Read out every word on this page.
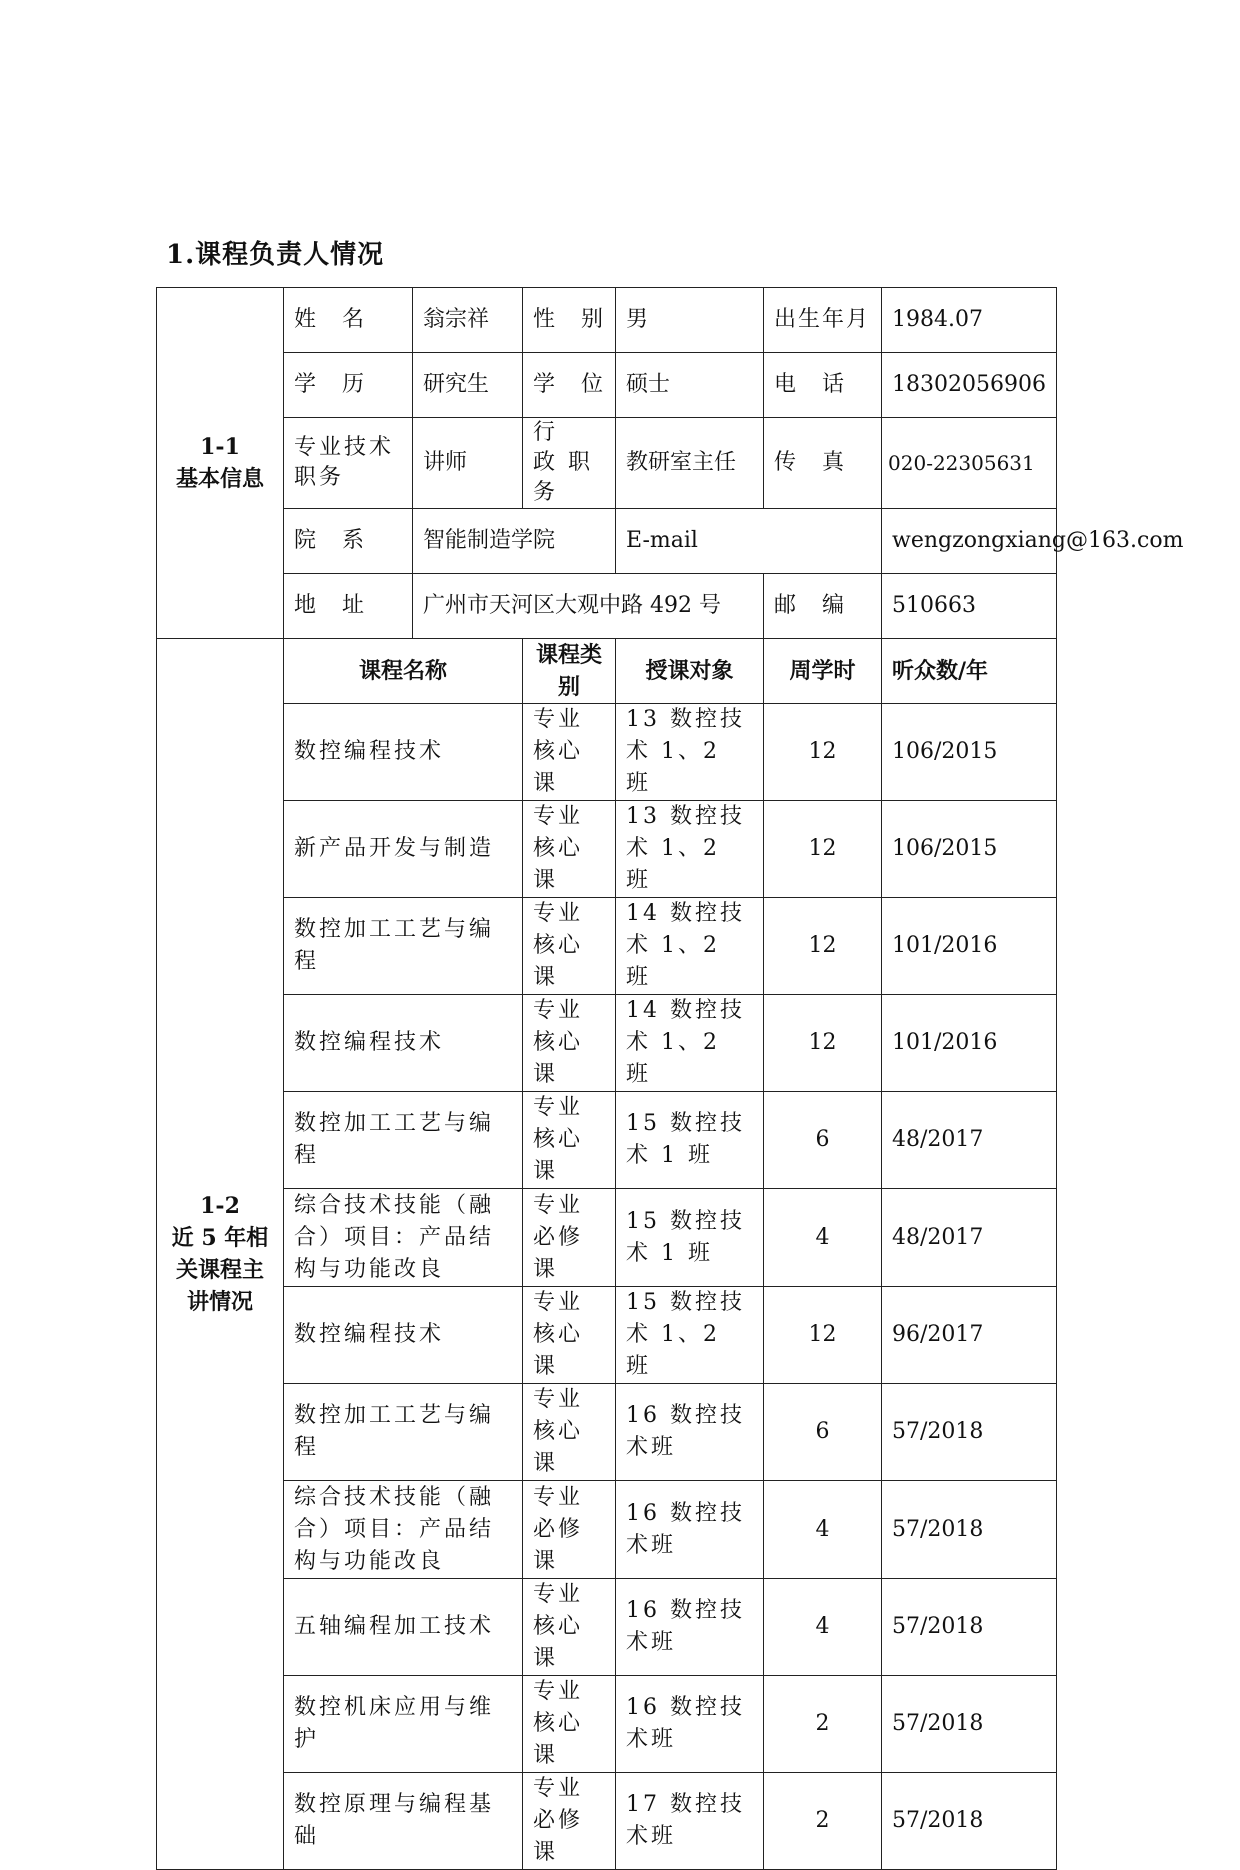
1.课程负责人情况
1-1
基本信息	姓　名	翁宗祥	性　别	男	出生年月	1984.07
	学　历	研究生	学　位	硕士	电　话	18302056906
	专业技术职务	讲师	行　政 职　务	教研室主任	传　真	020-22305631
	院　系	智能制造学院		E-mail		wengzongxiang@163.com
	地　址	广州市天河区大观中路 492 号			邮　编	510663

1-2
近 5 年相关课程主讲情况	课程名称		课程类别	授课对象	周学时	听众数/年
	数控编程技术		专业核心课	13 数控技术 1、2 班	12	106/2015
	新产品开发与制造		专业核心课	13 数控技术 1、2 班	12	106/2015
	数控加工工艺与编程		专业核心课	14 数控技术 1、2 班	12	101/2016
	数控编程技术		专业核心课	14 数控技术 1、2 班	12	101/2016
	数控加工工艺与编程		专业核心课	15 数控技术 1 班	6	48/2017
	综合技术技能（融合）项目：产品结构与功能改良		专业必修课	15 数控技术 1 班	4	48/2017
	数控编程技术		专业核心课	15 数控技术 1、2 班	12	96/2017
	数控加工工艺与编程		专业核心课	16 数控技术班	6	57/2018
	综合技术技能（融合）项目：产品结构与功能改良		专业必修课	16 数控技术班	4	57/2018
	五轴编程加工技术		专业核心课	16 数控技术班	4	57/2018
	数控机床应用与维护		专业核心课	16 数控技术班	2	57/2018
	数控原理与编程基础		专业必修课	17 数控技术班	2	57/2018
